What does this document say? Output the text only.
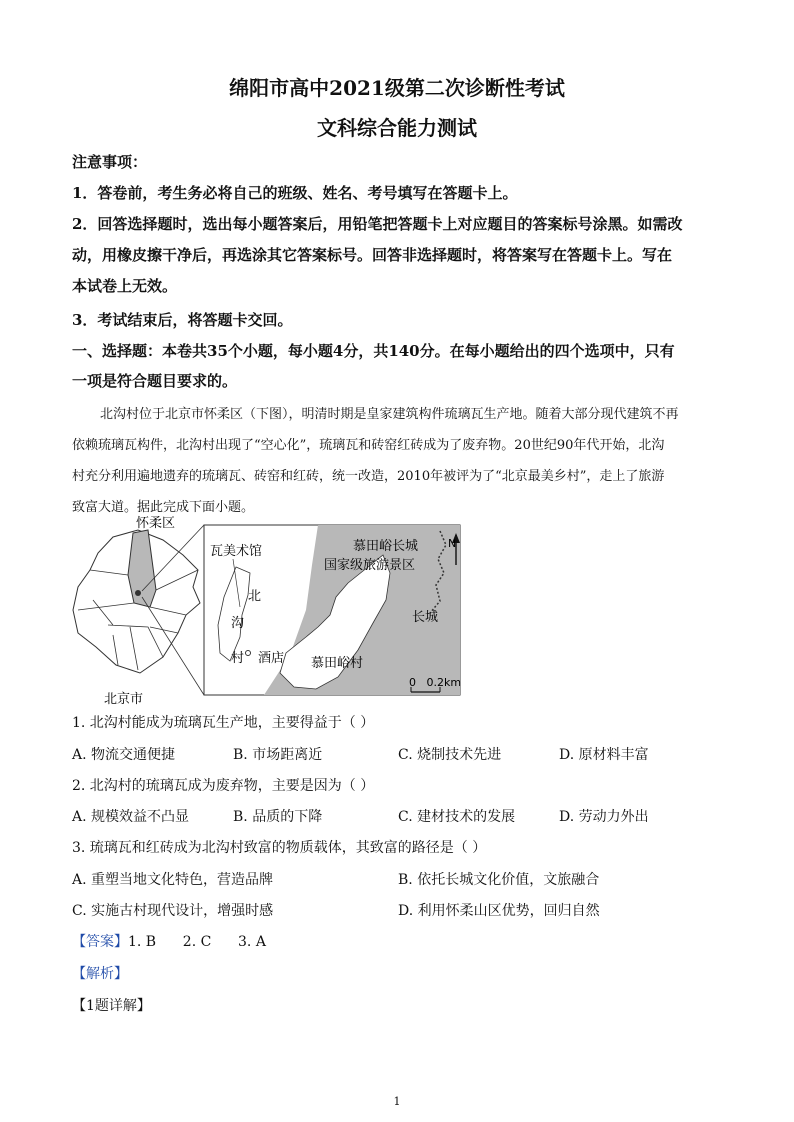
绵阳市高中2021级第二次诊断性考试
文科综合能力测试
注意事项：
1．答卷前，考生务必将自己的班级、姓名、考号填写在答题卡上。
2．回答选择题时，选出每小题答案后，用铅笔把答题卡上对应题目的答案标号涂黑。如需改
动，用橡皮擦干净后，再选涂其它答案标号。回答非选择题时，将答案写在答题卡上。写在
本试卷上无效。
3．考试结束后，将答题卡交回。
一、选择题：本卷共35个小题，每小题4分，共140分。在每小题给出的四个选项中，只有
一项是符合题目要求的。
北沟村位于北京市怀柔区（下图），明清时期是皇家建筑构件琉璃瓦生产地。随着大部分现代建筑不再
依赖琉璃瓦构件，北沟村出现了“空心化”，琉璃瓦和砖窑红砖成为了废弃物。20世纪90年代开始，北沟
村充分利用遍地遗弃的琉璃瓦、砖窑和红砖，统一改造，2010年被评为了“北京最美乡村”，走上了旅游
致富大道。据此完成下面小题。
怀柔区
北京市
瓦美术馆
北
沟
村 酒店
慕田峪长城
国家级旅游景区
长城
慕田峪村
N
0   0.2km
1. 北沟村能成为琉璃瓦生产地，主要得益于（ ）
A. 物流交通便捷	B. 市场距离近	C. 烧制技术先进	D. 原材料丰富
2. 北沟村的琉璃瓦成为废弃物，主要是因为（ ）
A. 规模效益不凸显	B. 品质的下降	C. 建材技术的发展	D. 劳动力外出
3. 琉璃瓦和红砖成为北沟村致富的物质载体，其致富的路径是（ ）
A. 重塑当地文化特色，营造品牌	B. 依托长城文化价值，文旅融合
C. 实施古村现代设计，增强时感	D. 利用怀柔山区优势，回归自然
【答案】1. B      2. C      3. A
【解析】
【1题详解】
1
